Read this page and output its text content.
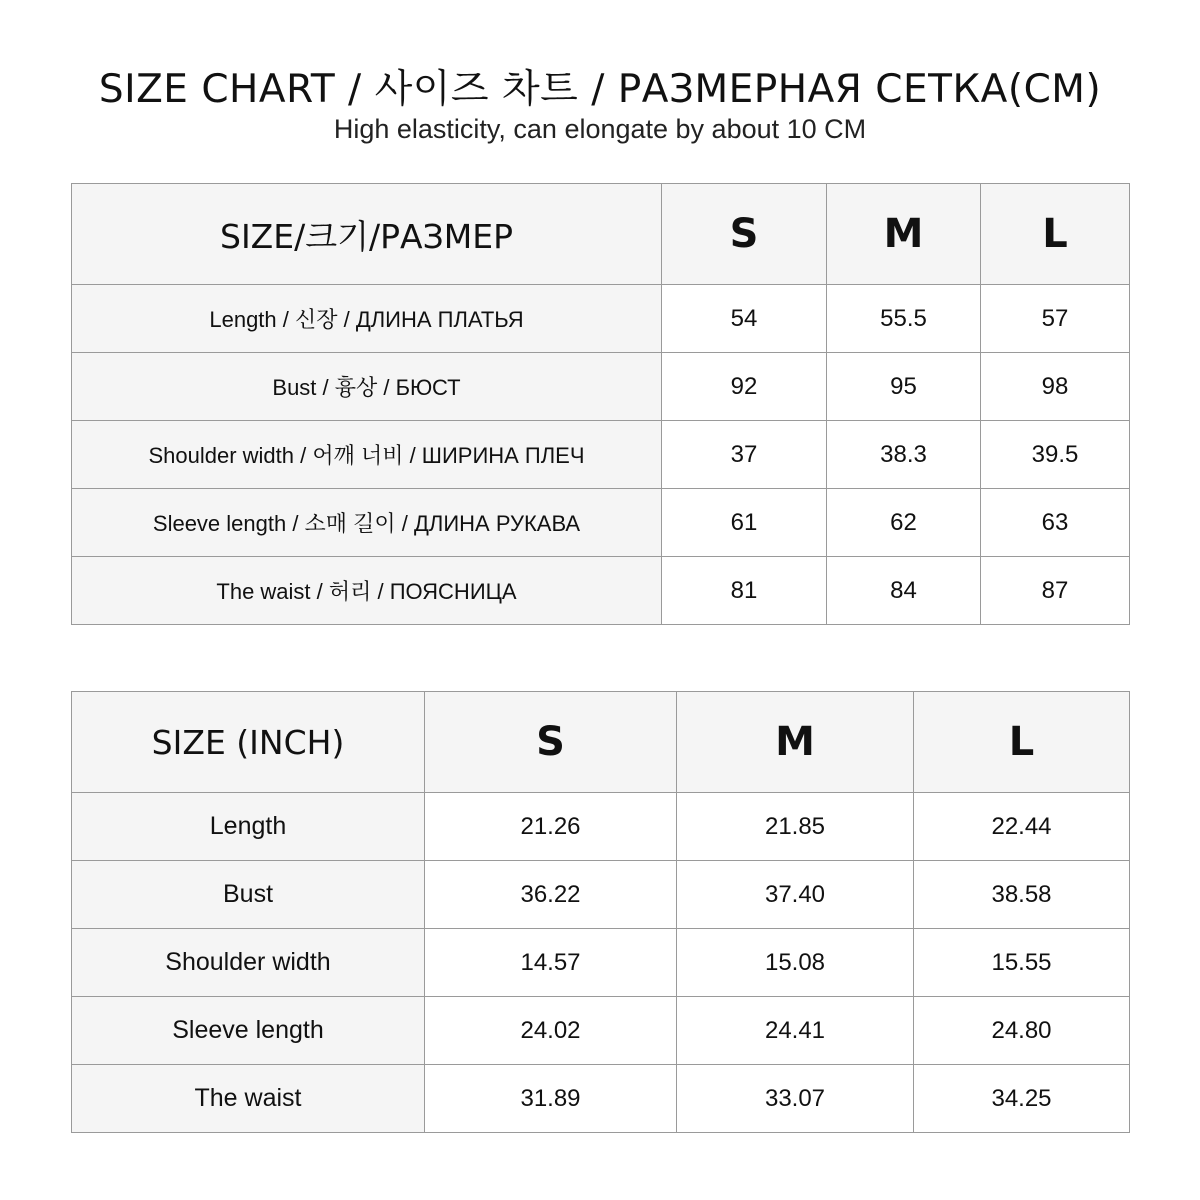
SIZE CHART / 사이즈 차트 / РАЗМЕРНАЯ СЕТКА(CM)
High elasticity, can elongate by about 10 CM
SIZE/크기/РАЗМЕР	S	M	L
Length / 신장 / ДЛИНА ПЛАТЬЯ	54	55.5	57
Bust / 흉상 / БЮСТ	92	95	98
Shoulder width / 어깨 너비 / ШИРИНА ПЛЕЧ	37	38.3	39.5
Sleeve length / 소매 길이 / ДЛИНА РУКАВА	61	62	63
The waist / 허리 / ПОЯСНИЦА	81	84	87
SIZE (INCH)	S	M	L
Length	21.26	21.85	22.44
Bust	36.22	37.40	38.58
Shoulder width	14.57	15.08	15.55
Sleeve length	24.02	24.41	24.80
The waist	31.89	33.07	34.25
